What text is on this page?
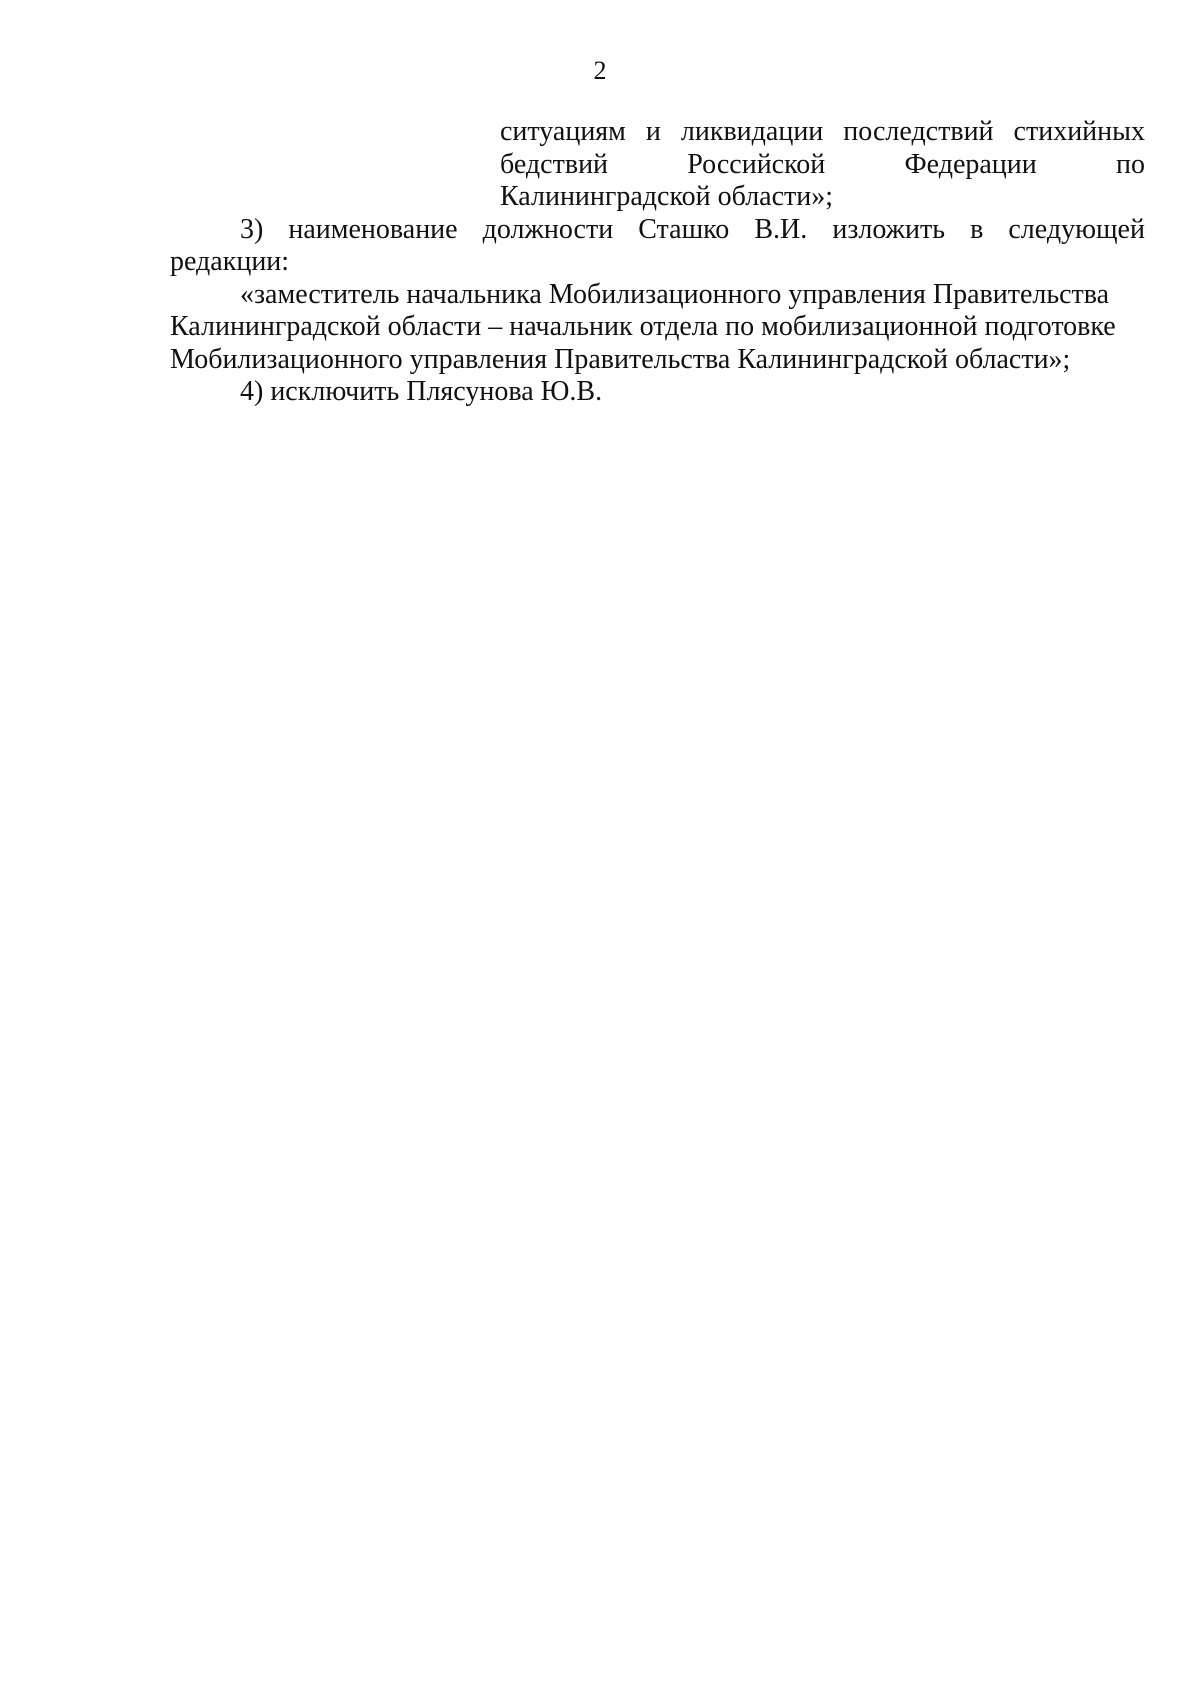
2
ситуациям и ликвидации последствий стихийных
бедствий	Российской	Федерации	по
Калининградской области»;
3) наименование должности Сташко В.И. изложить в следующей
редакции:
«заместитель начальника Мобилизационного управления Правительства
Калининградской области – начальник отдела по мобилизационной подготовке
Мобилизационного управления Правительства Калининградской области»;
4) исключить Плясунова Ю.В.
